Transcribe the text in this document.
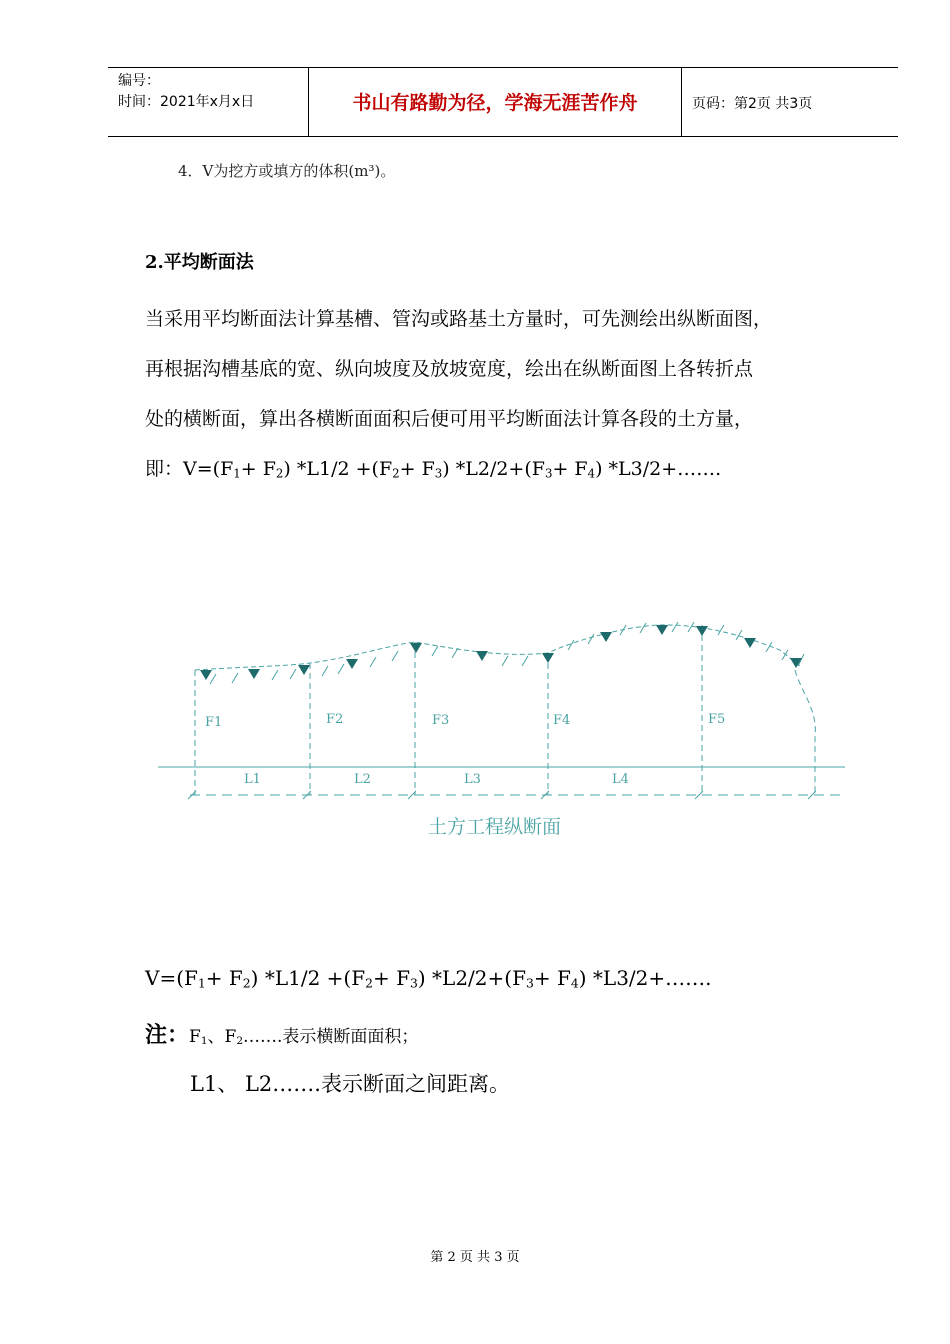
编号：
时间：2021年x月x日	书山有路勤为径，学海无涯苦作舟	页码：第2页 共3页
4．V为挖方或填方的体积(m³)。
2.平均断面法

当采用平均断面法计算基槽、管沟或路基土方量时，可先测绘出纵断面图，

再根据沟槽基底的宽、纵向坡度及放坡宽度，绘出在纵断面图上各转折点

处的横断面，算出各横断面面积后便可用平均断面法计算各段的土方量，

即：$V=(F_1+ F_2)$ $*L1/2 +(F_2+ F_3)$ $*L2/2+(F_3+ F_4)$ *L3/2+…….

F1	F2	F3	F4	F5
L1	L2	L3	L4
土方工程纵断面
$V=(F_1+ F_2)$ $*L1/2 +(F_2+ F_3)$ $*L2/2+(F_3+ F_4)$ *L3/2+…….
注：$F_1$、$F_2\dots\dots$.表示横断面面积；
L1、 L2…….表示断面之间距离。
第 2 页 共 3 页
